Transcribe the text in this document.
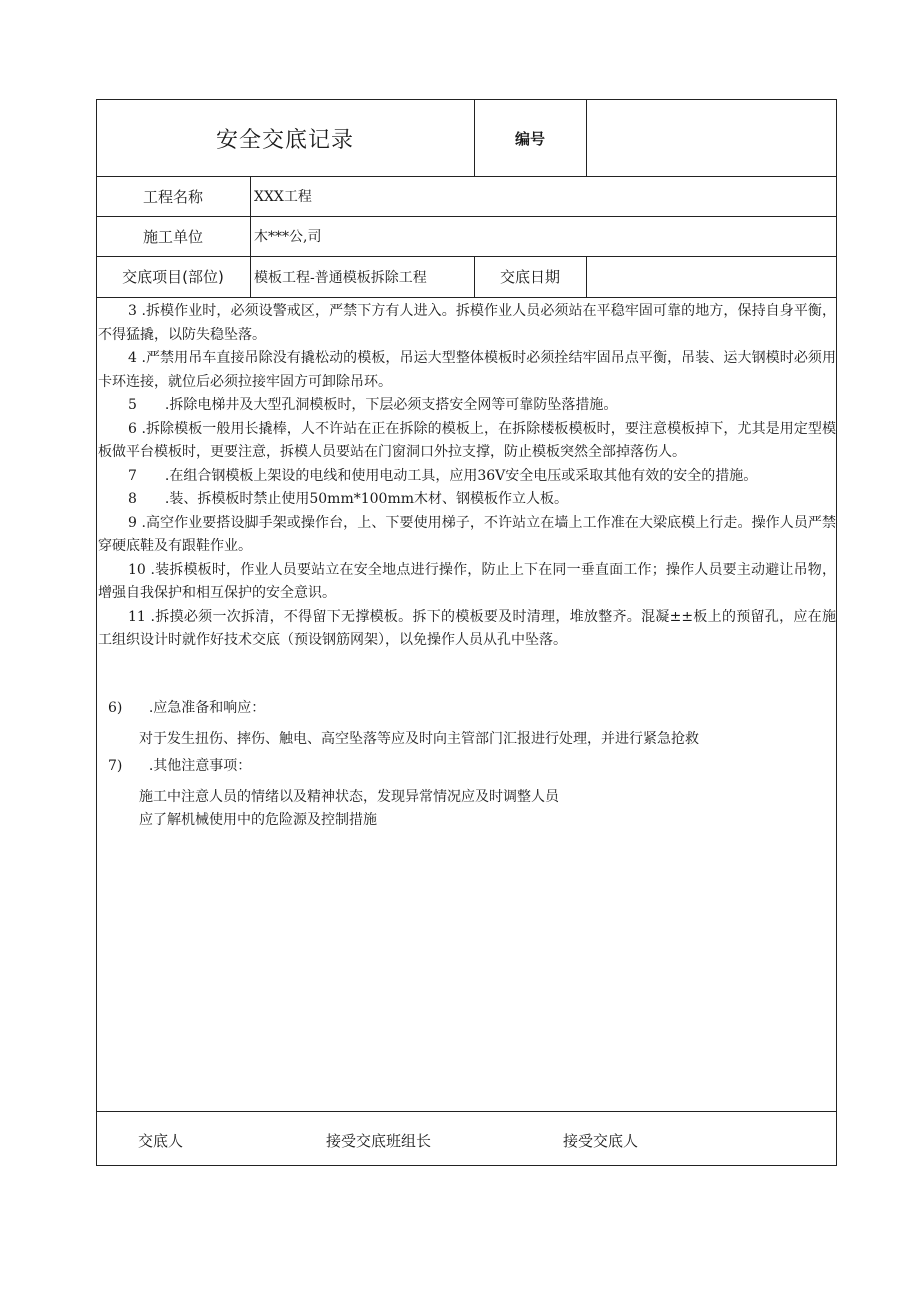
安全交底记录	编号
工程名称	XXX工程
施工单位	木***公,司
交底项目(部位)	模板工程-普通模板拆除工程	交底日期

3 .拆模作业时，必须设警戒区，严禁下方有人进入。拆模作业人员必须站在平稳牢固可靠的地方，保持自身平衡，不得猛撬，以防失稳坠落。

4 .严禁用吊车直接吊除没有撬松动的模板，吊运大型整体模板时必须拴结牢固吊点平衡，吊装、运大钢模时必须用卡环连接，就位后必须拉接牢固方可卸除吊环。

5　　.拆除电梯井及大型孔洞模板时，下层必须支搭安全网等可靠防坠落措施。

6 .拆除模板一般用长撬棒，人不许站在正在拆除的模板上，在拆除楼板模板时，要注意模板掉下，尤其是用定型模板做平台模板时，更要注意，拆模人员要站在门窗洞口外拉支撑，防止模板突然全部掉落伤人。

7　　.在组合钢模板上架设的电线和使用电动工具，应用36V安全电压或采取其他有效的安全的措施。

8　　.装、拆模板时禁止使用50mm*100mm木材、钢模板作立人板。

9 .高空作业要搭设脚手架或操作台，上、下要使用梯子，不许站立在墙上工作准在大梁底模上行走。操作人员严禁穿硬底鞋及有跟鞋作业。

10 .装拆模板时，作业人员要站立在安全地点进行操作，防止上下在同一垂直面工作；操作人员要主动避让吊物，增强自我保护和相互保护的安全意识。

11 .拆摸必须一次拆清，不得留下无撑模板。拆下的模板要及时清理，堆放整齐。混凝±±板上的预留孔，应在施工组织设计时就作好技术交底（预设钢筋网架），以免操作人员从孔中坠落。

6) .应急准备和响应：
对于发生扭伤、摔伤、触电、高空坠落等应及时向主管部门汇报进行处理，并进行紧急抢救
7) .其他注意事项：
施工中注意人员的情绪以及精神状态，发现异常情况应及时调整人员
应了解机械使用中的危险源及控制措施
交底人	接受交底班组长	接受交底人
